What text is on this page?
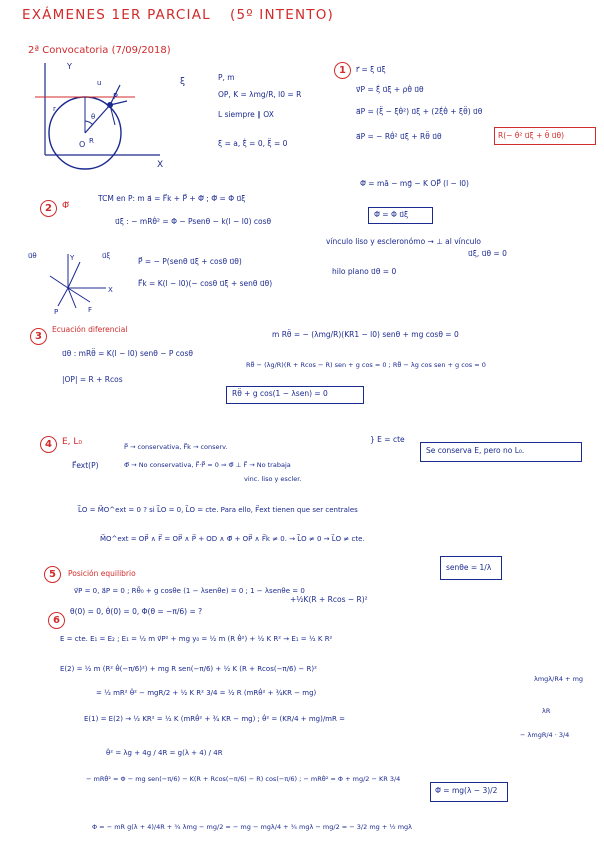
EXÁMENES 1ER PARCIAL (5º INTENTO)
2ª Convocatoria (7/09/2018)
Y
X
P
O R
θ
u
r
ξ	P, m
OP, K = λmg/R, l0 = R
L siempre ∥ OX
ξ = a, ξ̇ = 0, ξ̈ = 0
1	r⃗ = ξ u⃗ξ
v⃗P = ξ̇ u⃗ξ + ρθ̇ u⃗θ
a⃗P = (ξ̈ − ξθ̇²) u⃗ξ + (2ξ̇θ̇ + ξθ̈) u⃗θ
a⃗P = − Rθ̇² u⃗ξ + Rθ̈ u⃗θ	R(− θ̇² u⃗ξ + θ̈ u⃗θ)
2	Φ⃗
TCM en P: m a⃗ = F⃗k + P⃗ + Φ⃗ ; Φ⃗ = Φ u⃗ξ
Φ⃗ = mā − mg⃗ − K OP⃗ (l − l0)
u⃗ξ : − mRθ̇² = Φ − Psenθ − k(l − l0) cosθ
Φ⃗ = Φ u⃗ξ
u⃗θ	u⃗ξ
Y
X
P	F
P⃗ = − P(senθ u⃗ξ + cosθ u⃗θ)
F⃗k = K(l − l0)(− cosθ u⃗ξ + senθ u⃗θ)
vínculo liso y escleronómo → ⊥ al vínculo
u⃗ξ, u⃗θ = 0
hilo plano u⃗θ = 0
3
Ecuación diferencial
m Rθ̈ = − (λmg/R)(KR1 − l0) senθ + mg cosθ = 0
u⃗θ : mRθ̈ = K(l − l0) senθ − P cosθ
|OP| = R + Rcos
Rθ̈ − (λg/R)(R + Rcos − R) sen + g cos = 0 ; Rθ̈ − λg cos sen + g cos = 0
Rθ̈ + g cos(1 − λsen) = 0
4	E, L₀
F⃗ext(P)
P⃗ → conservativa, F⃗k → conserv.
Φ⃗ → No conservativa, F⃗·P⃗ = 0 ⇒ Φ⃗ ⊥ F⃗ → No trabaja
vinc. liso y escler.
} E = cte
Se conserva E, pero no L₀.
L⃗̇O = M⃗O^ext = 0 ? si L⃗̇O = 0, L⃗O = cte. Para ello, F⃗ext tienen que ser centrales
M⃗O^ext = OP⃗ ∧ F⃗ = OP⃗ ∧ P⃗ + OD ∧ Φ⃗ + OP⃗ ∧ F⃗k ≠ 0. → L⃗̇O ≠ 0 → L⃗O ≠ cte.
5	Posición equilibrio
v⃗P = 0, a⃗P = 0 ; Rθ̈₀ + g cosθe (1 − λsenθe) = 0 ; 1 − λsenθe = 0
senθe = 1/λ
6
θ(0) = 0, θ̇(0) = 0, Φ(θ = −π/6) = ?
+½K(R + Rcos − R)²
E = cte. E₁ = E₂ ; E₁ = ½ m v⃗P² + mg y₀ = ½ m (R θ̇²) + ½ K R² → E₁ = ½ K R²
E(2) = ½ m (R² θ̇(−π/6)²) + mg R sen(−π/6) + ½ K (R + Rcos(−π/6) − R)²
= ½ mR² θ̇² − mgR/2 + ½ K R² 3/4 = ½ R (mRθ̇² + ¾KR − mg)
E(1) = E(2) → ½ KR² = ½ K (mRθ̇² + ¾ KR − mg) ; θ̇² = (KR/4 + mg)/mR =
λmgλ/R4 + mg
λR
θ̇² = λg + 4g / 4R = g(λ + 4) / 4R
− mRθ̇² = Φ − mg sen(−π/6) − K(R + Rcos(−π/6) − R) cos(−π/6) ; − mRθ̇² = Φ + mg/2 − KR 3/4
− λmgR/4 · 3/4
Φ⃗ = mg(λ − 3)/2
Φ = − mR g(λ + 4)/4R + ¾ λmg − mg/2 = − mg − mgλ/4 + ¾ mgλ − mg/2 = − 3/2 mg + ½ mgλ
